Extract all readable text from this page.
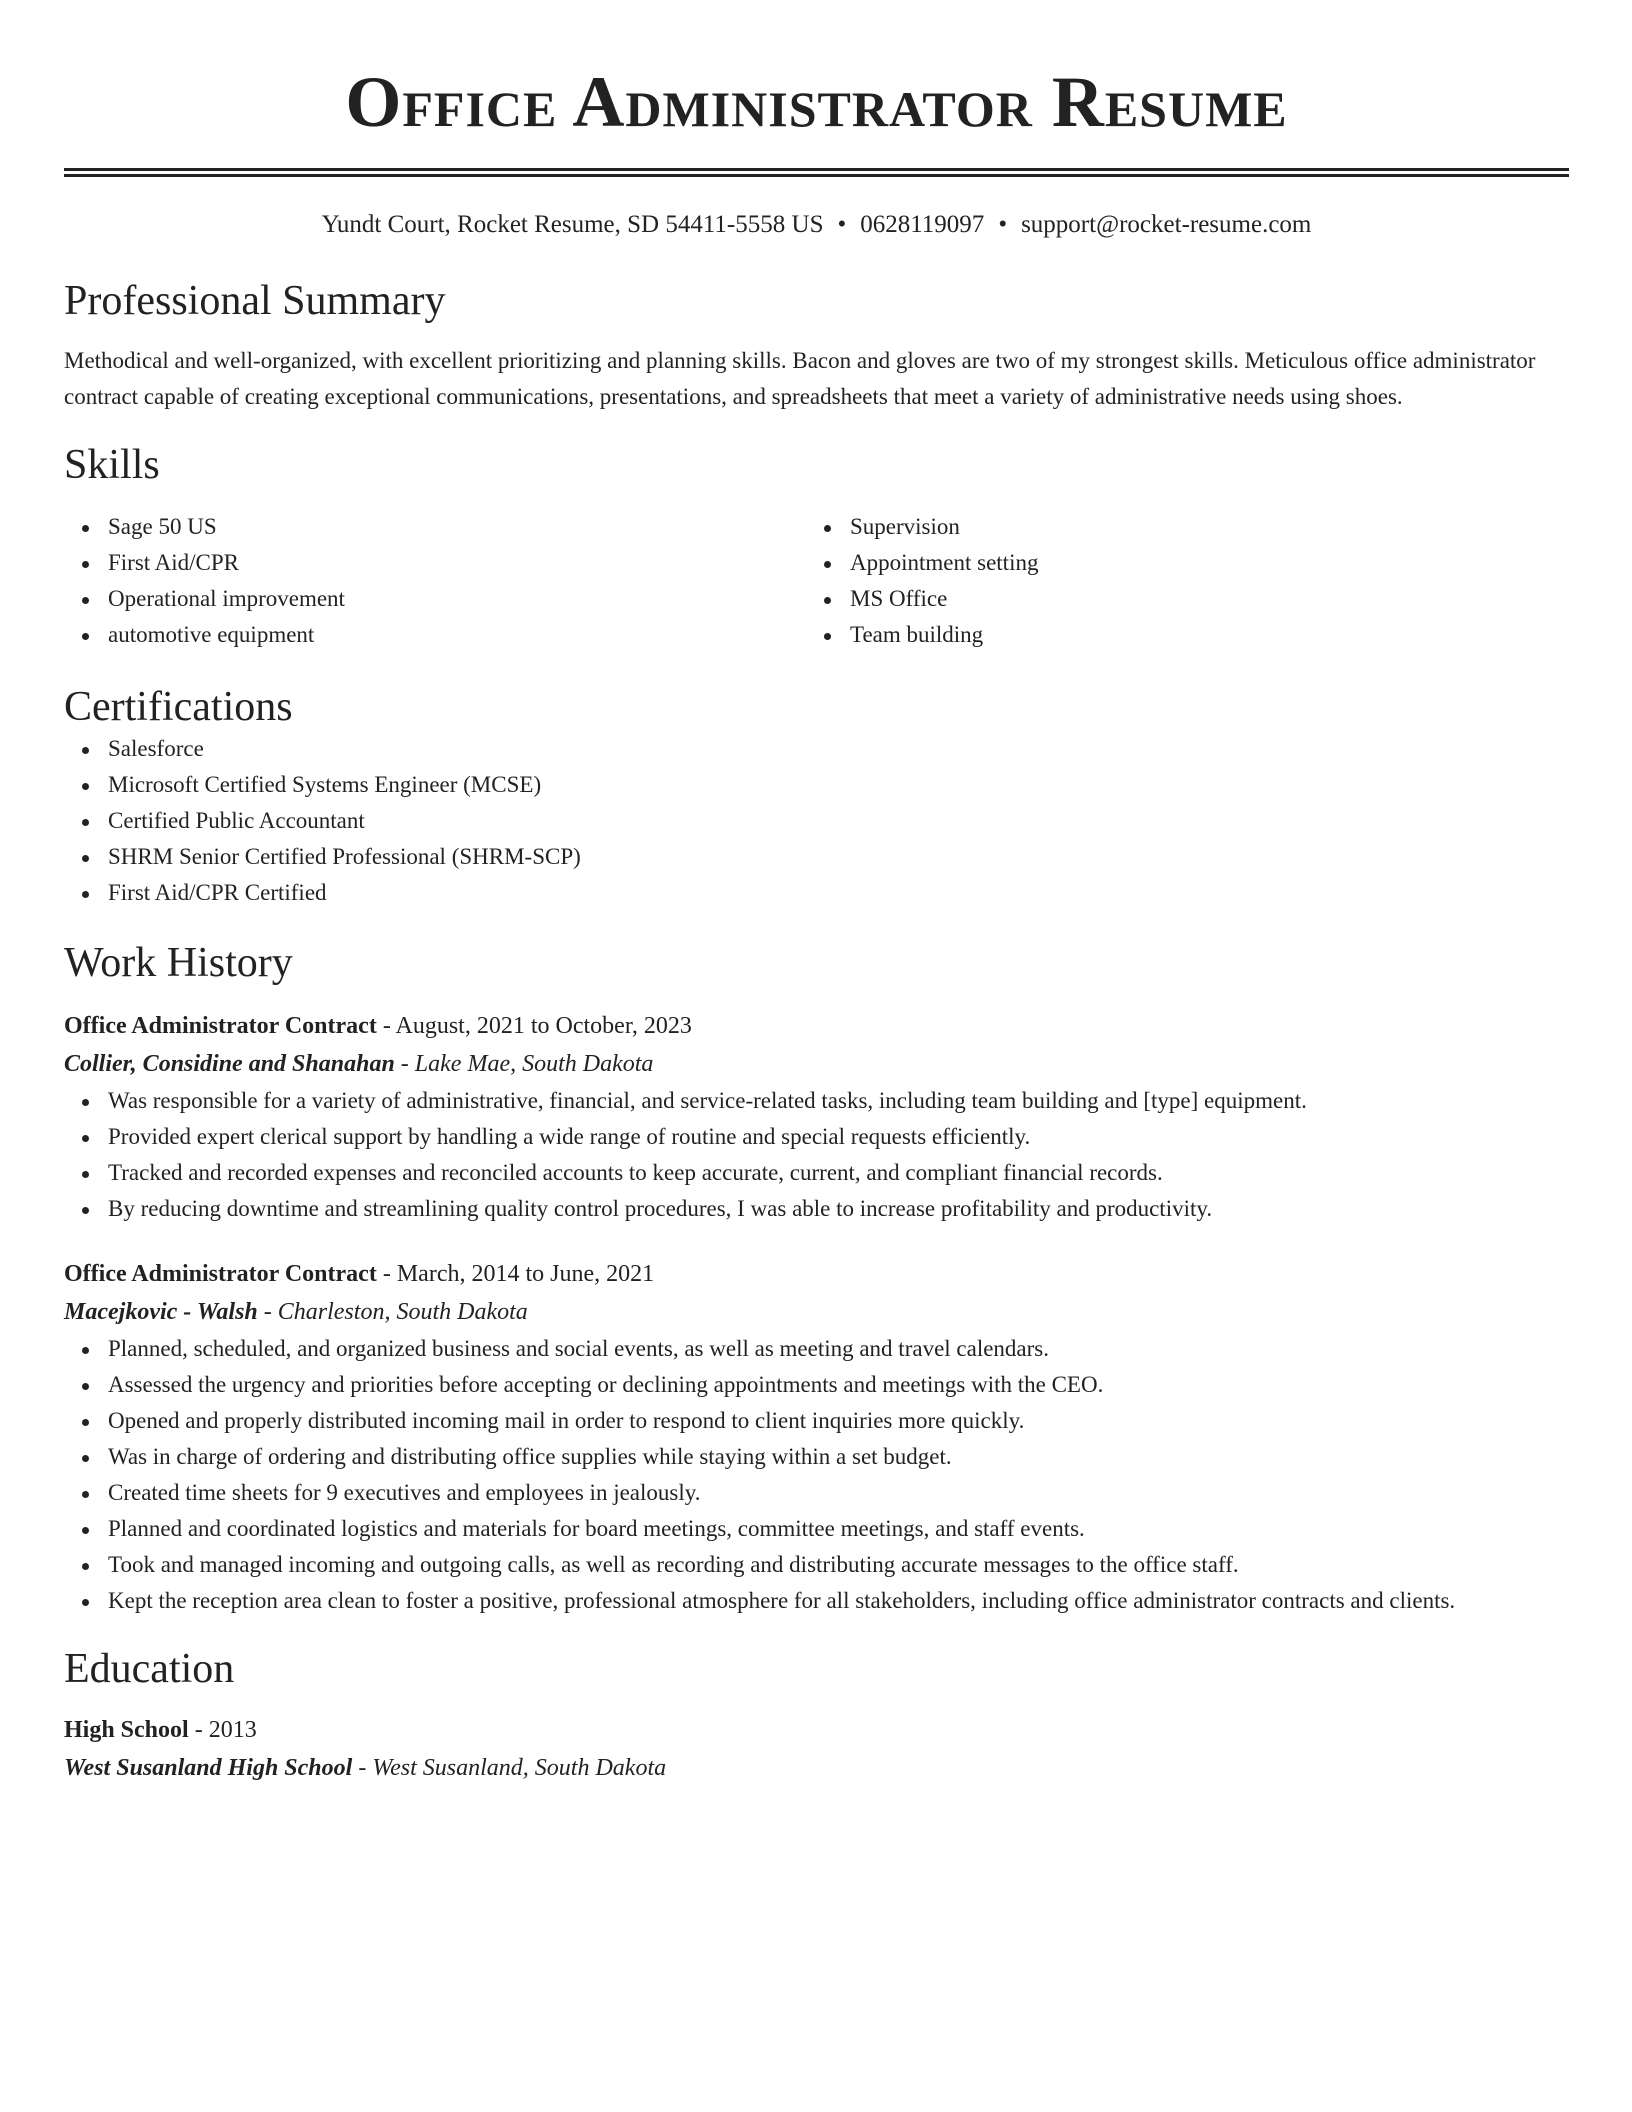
Office Administrator Resume
Yundt Court, Rocket Resume, SD 54411-5558 US • 0628119097 • support@rocket-resume.com
Professional Summary
Methodical and well-organized, with excellent prioritizing and planning skills. Bacon and gloves are two of my strongest skills. Meticulous office administrator contract capable of creating exceptional communications, presentations, and spreadsheets that meet a variety of administrative needs using shoes.
Skills
Sage 50 US
First Aid/CPR
Operational improvement
automotive equipment
Supervision
Appointment setting
MS Office
Team building
Certifications
Salesforce
Microsoft Certified Systems Engineer (MCSE)
Certified Public Accountant
SHRM Senior Certified Professional (SHRM-SCP)
First Aid/CPR Certified
Work History
Office Administrator Contract - August, 2021 to October, 2023
Collier, Considine and Shanahan - Lake Mae, South Dakota
Was responsible for a variety of administrative, financial, and service-related tasks, including team building and [type] equipment.
Provided expert clerical support by handling a wide range of routine and special requests efficiently.
Tracked and recorded expenses and reconciled accounts to keep accurate, current, and compliant financial records.
By reducing downtime and streamlining quality control procedures, I was able to increase profitability and productivity.
Office Administrator Contract - March, 2014 to June, 2021
Macejkovic - Walsh - Charleston, South Dakota
Planned, scheduled, and organized business and social events, as well as meeting and travel calendars.
Assessed the urgency and priorities before accepting or declining appointments and meetings with the CEO.
Opened and properly distributed incoming mail in order to respond to client inquiries more quickly.
Was in charge of ordering and distributing office supplies while staying within a set budget.
Created time sheets for 9 executives and employees in jealously.
Planned and coordinated logistics and materials for board meetings, committee meetings, and staff events.
Took and managed incoming and outgoing calls, as well as recording and distributing accurate messages to the office staff.
Kept the reception area clean to foster a positive, professional atmosphere for all stakeholders, including office administrator contracts and clients.
Education
High School - 2013
West Susanland High School - West Susanland, South Dakota
